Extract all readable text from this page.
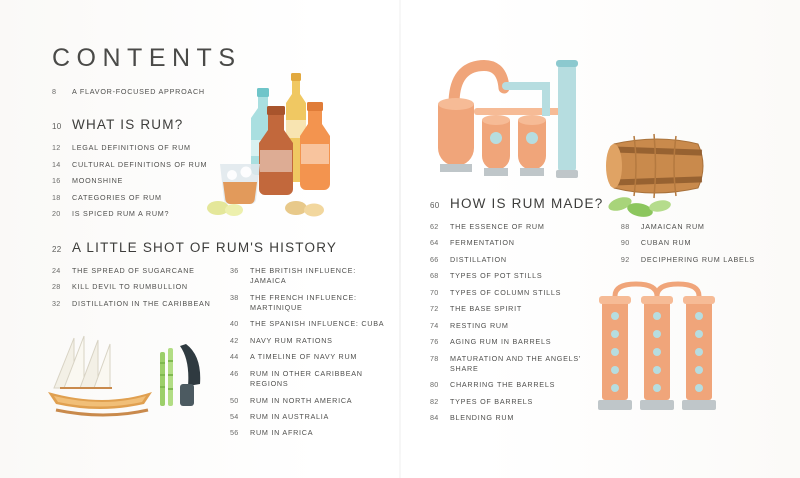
CONTENTS
8	A FLAVOR-FOCUSED APPROACH
10 WHAT IS RUM?
12	LEGAL DEFINITIONS OF RUM
14	CULTURAL DEFINITIONS OF RUM
16	MOONSHINE
18	CATEGORIES OF RUM
20	IS SPICED RUM A RUM?
22 A LITTLE SHOT OF RUM'S HISTORY
24	THE SPREAD OF SUGARCANE
28	KILL DEVIL TO RUMBULLION
32	DISTILLATION IN THE CARIBBEAN
36	THE BRITISH INFLUENCE: JAMAICA
38	THE FRENCH INFLUENCE: MARTINIQUE
40	THE SPANISH INFLUENCE: CUBA
42	NAVY RUM RATIONS
44	A TIMELINE OF NAVY RUM
46	RUM IN OTHER CARIBBEAN REGIONS
50	RUM IN NORTH AMERICA
54	RUM IN AUSTRALIA
56	RUM IN AFRICA
60 HOW IS RUM MADE?
62	THE ESSENCE OF RUM
64	FERMENTATION
66	DISTILLATION
68	TYPES OF POT STILLS
70	TYPES OF COLUMN STILLS
72	THE BASE SPIRIT
74	RESTING RUM
76	AGING RUM IN BARRELS
78	MATURATION AND THE ANGELS' SHARE
80	CHARRING THE BARRELS
82	TYPES OF BARRELS
84	BLENDING RUM
88	JAMAICAN RUM
90	CUBAN RUM
92	DECIPHERING RUM LABELS
